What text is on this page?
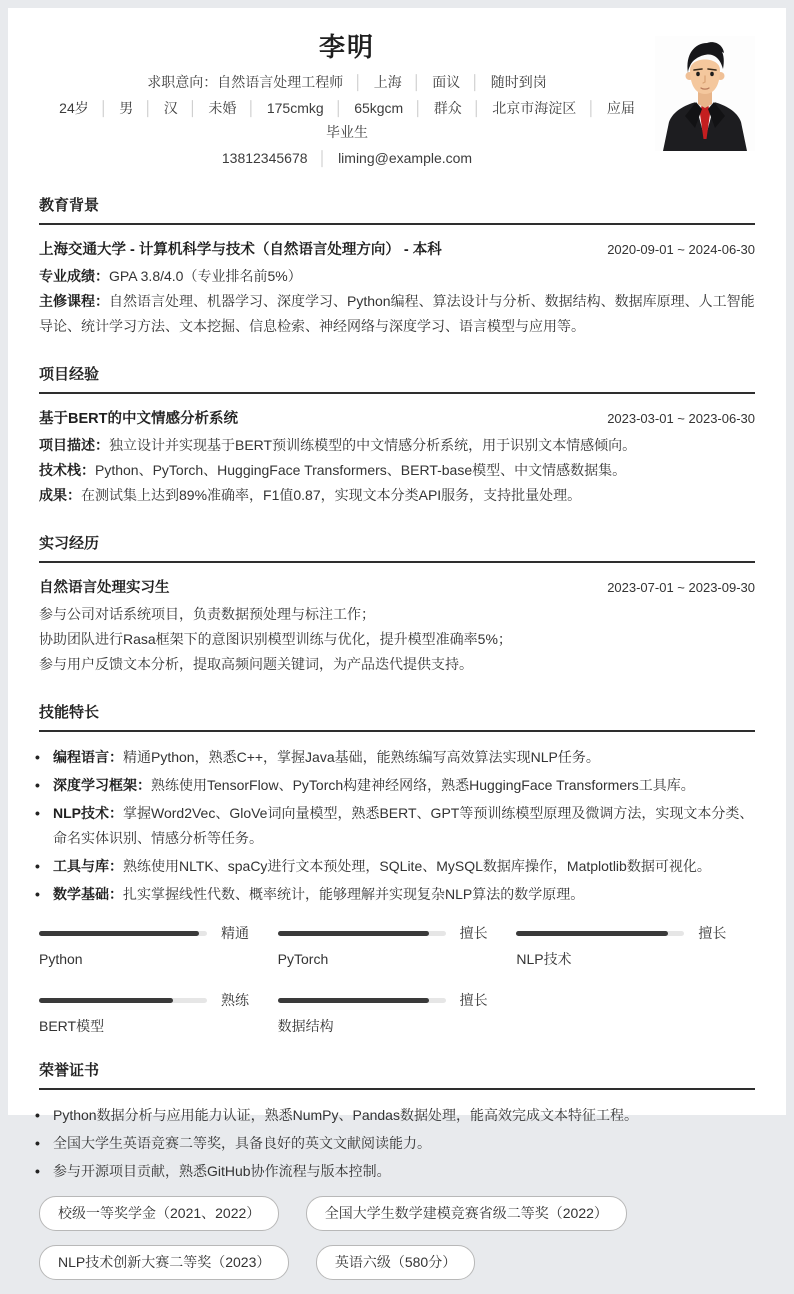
李明
求职意向：自然语言处理工程师 │ 上海 │ 面议 │ 随时到岗
24岁 │ 男 │ 汉 │ 未婚 │ 175cmkg │ 65kgcm │ 群众 │ 北京市海淀区 │ 应届毕业生
13812345678 │ liming@example.com
教育背景
上海交通大学 - 计算机科学与技术（自然语言处理方向） - 本科	2020-09-01 ~ 2024-06-30

专业成绩：GPA 3.8/4.0（专业排名前5%）

主修课程：自然语言处理、机器学习、深度学习、Python编程、算法设计与分析、数据结构、数据库原理、人工智能导论、统计学习方法、文本挖掘、信息检索、神经网络与深度学习、语言模型与应用等。

项目经验
基于BERT的中文情感分析系统	2023-03-01 ~ 2023-06-30

项目描述：独立设计并实现基于BERT预训练模型的中文情感分析系统，用于识别文本情感倾向。

技术栈：Python、PyTorch、HuggingFace Transformers、BERT-base模型、中文情感数据集。

成果：在测试集上达到89%准确率，F1值0.87，实现文本分类API服务，支持批量处理。

实习经历
自然语言处理实习生	2023-07-01 ~ 2023-09-30

参与公司对话系统项目，负责数据预处理与标注工作；

协助团队进行Rasa框架下的意图识别模型训练与优化，提升模型准确率5%；

参与用户反馈文本分析，提取高频问题关键词，为产品迭代提供支持。

技能特长
• 编程语言：精通Python，熟悉C++，掌握Java基础，能熟练编写高效算法实现NLP任务。
• 深度学习框架：熟练使用TensorFlow、PyTorch构建神经网络，熟悉HuggingFace Transformers工具库。
• NLP技术：掌握Word2Vec、GloVe词向量模型，熟悉BERT、GPT等预训练模型原理及微调方法，实现文本分类、命名实体识别、情感分析等任务。
• 工具与库：熟练使用NLTK、spaCy进行文本预处理，SQLite、MySQL数据库操作，Matplotlib数据可视化。
• 数学基础：扎实掌握线性代数、概率统计，能够理解并实现复杂NLP算法的数学原理。
精通
Python
擅长
PyTorch
擅长
NLP技术
熟练
BERT模型
擅长
数据结构
荣誉证书
• Python数据分析与应用能力认证，熟悉NumPy、Pandas数据处理，能高效完成文本特征工程。
• 全国大学生英语竞赛二等奖，具备良好的英文文献阅读能力。
• 参与开源项目贡献，熟悉GitHub协作流程与版本控制。
校级一等奖学金（2021、2022）	全国大学生数学建模竞赛省级二等奖（2022）
NLP技术创新大赛二等奖（2023）	英语六级（580分）
